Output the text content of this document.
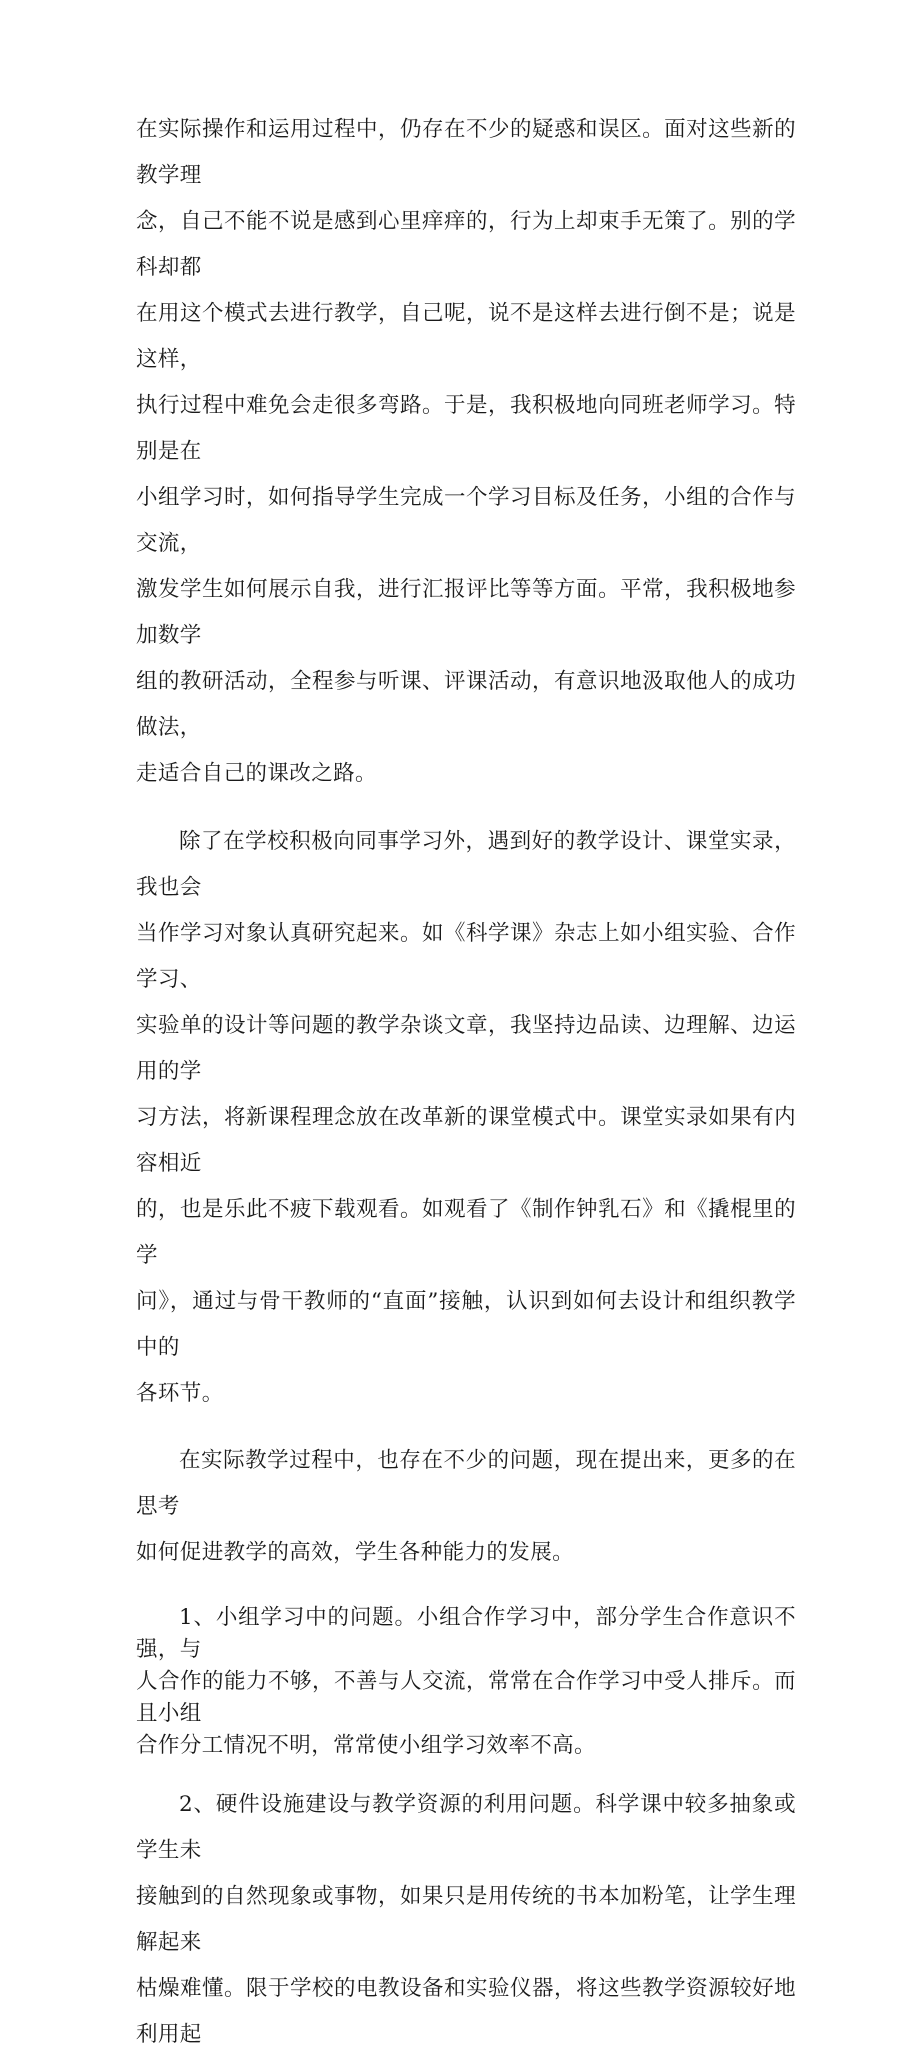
在实际操作和运用过程中，仍存在不少的疑惑和误区。面对这些新的教学理
念，自己不能不说是感到心里痒痒的，行为上却束手无策了。别的学科却都
在用这个模式去进行教学，自己呢，说不是这样去进行倒不是；说是这样，
执行过程中难免会走很多弯路。于是，我积极地向同班老师学习。特别是在
小组学习时，如何指导学生完成一个学习目标及任务，小组的合作与交流，
激发学生如何展示自我，进行汇报评比等等方面。平常，我积极地参加数学
组的教研活动，全程参与听课、评课活动，有意识地汲取他人的成功做法，
走适合自己的课改之路。

除了在学校积极向同事学习外，遇到好的教学设计、课堂实录，我也会
当作学习对象认真研究起来。如《科学课》杂志上如小组实验、合作学习、
实验单的设计等问题的教学杂谈文章，我坚持边品读、边理解、边运用的学
习方法，将新课程理念放在改革新的课堂模式中。课堂实录如果有内容相近
的，也是乐此不疲下载观看。如观看了《制作钟乳石》和《撬棍里的学
问》，通过与骨干教师的“直面”接触，认识到如何去设计和组织教学中的
各环节。

在实际教学过程中，也存在不少的问题，现在提出来，更多的在思考
如何促进教学的高效，学生各种能力的发展。

1、小组学习中的问题。小组合作学习中，部分学生合作意识不强，与
人合作的能力不够，不善与人交流，常常在合作学习中受人排斥。而且小组
合作分工情况不明，常常使小组学习效率不高。

2、硬件设施建设与教学资源的利用问题。科学课中较多抽象或学生未
接触到的自然现象或事物，如果只是用传统的书本加粉笔，让学生理解起来
枯燥难懂。限于学校的电教设备和实验仪器，将这些教学资源较好地利用起
